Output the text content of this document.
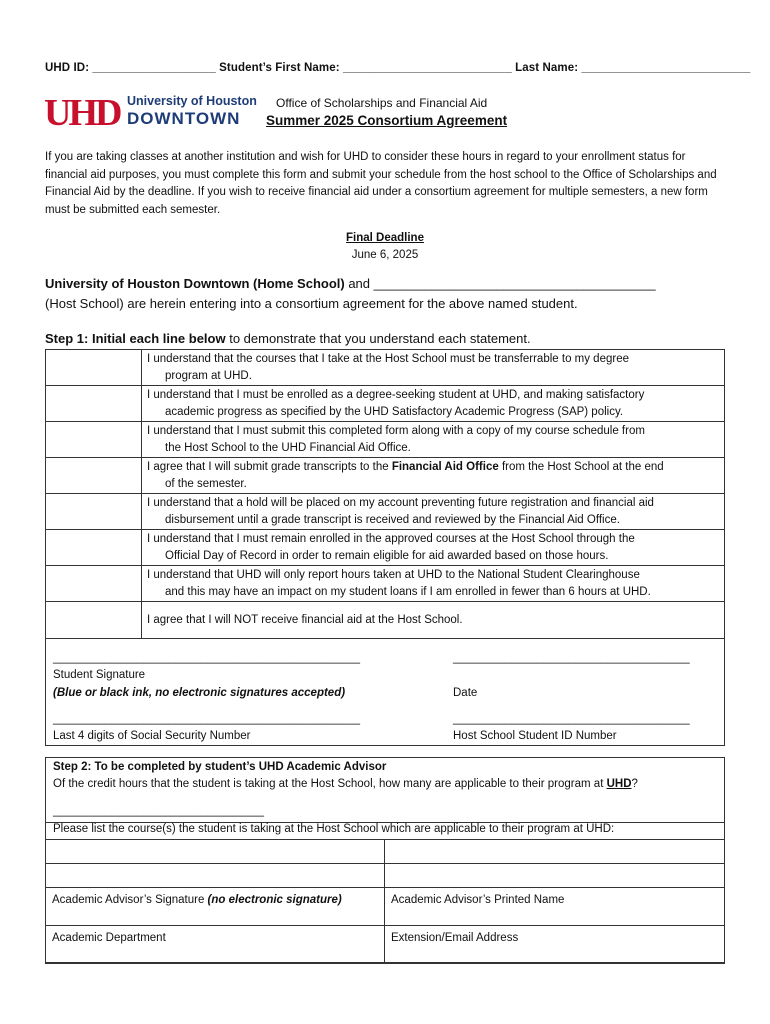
UHD ID: ___________________ Student’s First Name: __________________________ Last Name: __________________________
UHD University of Houston
DOWNTOWN
Office of Scholarships and Financial Aid
Summer 2025 Consortium Agreement
If you are taking classes at another institution and wish for UHD to consider these hours in regard to your enrollment status for financial aid purposes, you must complete this form and submit your schedule from the host school to the Office of Scholarships and Financial Aid by the deadline. If you wish to receive financial aid under a consortium agreement for multiple semesters, a new form must be submitted each semester.
Final Deadline
June 6, 2025
University of Houston Downtown (Home School) and _______________________________________
(Host School) are herein entering into a consortium agreement for the above named student.
Step 1: Initial each line below to demonstrate that you understand each statement.
	I understand that the courses that I take at the Host School must be transferrable to my degree
program at UHD.

	I understand that I must be enrolled as a degree-seeking student at UHD, and making satisfactory
academic progress as specified by the UHD Satisfactory Academic Progress (SAP) policy.

	I understand that I must submit this completed form along with a copy of my course schedule from
the Host School to the UHD Financial Aid Office.

	I agree that I will submit grade transcripts to the Financial Aid Office from the Host School at the end
of the semester.

	I understand that a hold will be placed on my account preventing future registration and financial aid
disbursement until a grade transcript is received and reviewed by the Financial Aid Office.

	I understand that I must remain enrolled in the approved courses at the Host School through the
Official Day of Record in order to remain eligible for aid awarded based on those hours.

	I understand that UHD will only report hours taken at UHD to the National Student Clearinghouse
and this may have an impact on my student loans if I am enrolled in fewer than 6 hours at UHD.

	I agree that I will NOT receive financial aid at the Host School.
________________________________________________	_____________________________________
Student Signature
(Blue or black ink, no electronic signatures accepted)	Date
________________________________________________	_____________________________________
Last 4 digits of Social Security Number	Host School Student ID Number
Step 2: To be completed by student’s UHD Academic Advisor
Of the credit hours that the student is taking at the Host School, how many are applicable to their program at UHD?
_________________________________
Please list the course(s) the student is taking at the Host School which are applicable to their program at UHD:

Academic Advisor’s Signature (no electronic signature)	Academic Advisor’s Printed Name
Academic Department	Extension/Email Address
